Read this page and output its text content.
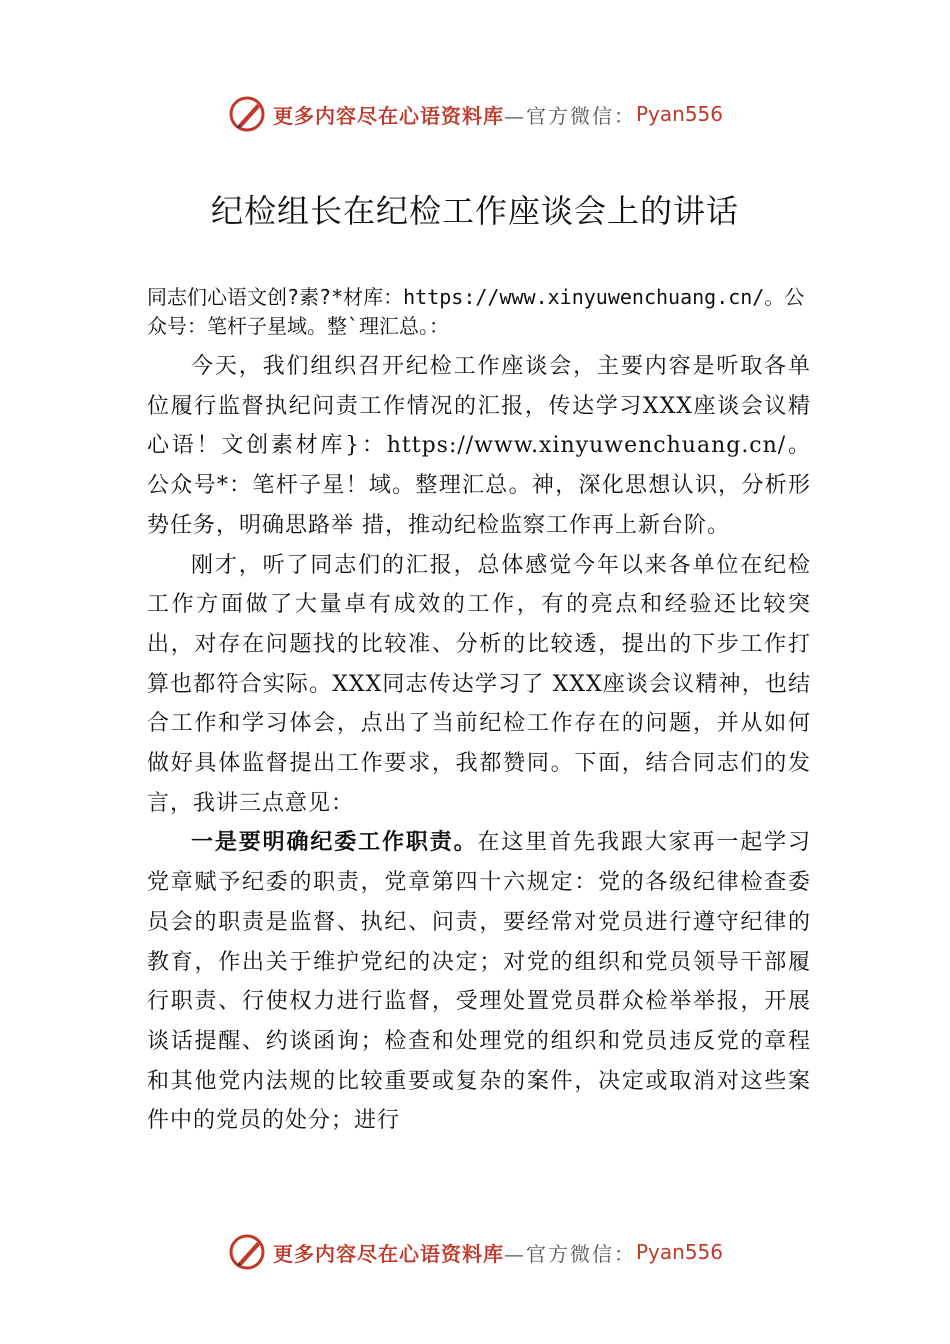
更多内容尽在心语资料库 —官方微信： Pyan556
纪检组长在纪检工作座谈会上的讲话

同志们心语文创?素?*材库：https://www.xinyuwenchuang.cn/。公众号：笔杆子星域。整`理汇总。：

今天，我们组织召开纪检工作座谈会，主要内容是听取各单位履行监督执纪问责工作情况的汇报，传达学习XXX座谈会议精心语！文创素材库}：https://www.xinyuwenchuang.cn/。公众号*：笔杆子星！域。整理汇总。神，深化思想认识，分析形势任务，明确思路举 措，推动纪检监察工作再上新台阶。

刚才，听了同志们的汇报，总体感觉今年以来各单位在纪检工作方面做了大量卓有成效的工作，有的亮点和经验还比较突出，对存在问题找的比较准、分析的比较透，提出的下步工作打算也都符合实际。XXX同志传达学习了 XXX座谈会议精神，也结合工作和学习体会，点出了当前纪检工作存在的问题，并从如何做好具体监督提出工作要求，我都赞同。下面，结合同志们的发言，我讲三点意见：

一是要明确纪委工作职责。在这里首先我跟大家再一起学习党章赋予纪委的职责，党章第四十六规定：党的各级纪律检查委员会的职责是监督、执纪、问责，要经常对党员进行遵守纪律的教育，作出关于维护党纪的决定；对党的组织和党员领导干部履行职责、行使权力进行监督，受理处置党员群众检举举报，开展谈话提醒、约谈函询；检查和处理党的组织和党员违反党的章程和其他党内法规的比较重要或复杂的案件，决定或取消对这些案件中的党员的处分；进行

更多内容尽在心语资料库 —官方微信： Pyan556
